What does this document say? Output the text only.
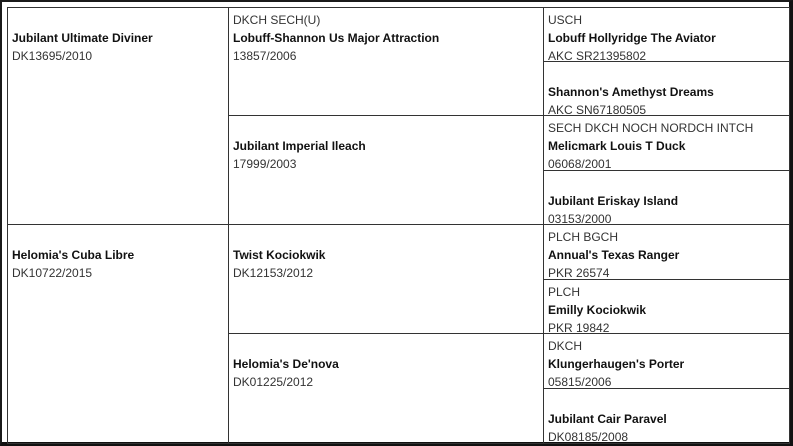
Jubilant Ultimate Diviner
DK13695/2010
Helomia's Cuba Libre
DK10722/2015
DKCH SECH(U)
Lobuff-Shannon Us Major Attraction
13857/2006
Jubilant Imperial Ileach
17999/2003
Twist Kociokwik
DK12153/2012
Helomia's De'nova
DK01225/2012
USCH
Lobuff Hollyridge The Aviator
AKC SR21395802
Shannon's Amethyst Dreams
AKC SN67180505
SECH DKCH NOCH NORDCH INTCH
Melicmark Louis T Duck
06068/2001
Jubilant Eriskay Island
03153/2000
PLCH BGCH
Annual's Texas Ranger
PKR 26574
PLCH
Emilly Kociokwik
PKR 19842
DKCH
Klungerhaugen's Porter
05815/2006
Jubilant Cair Paravel
DK08185/2008
